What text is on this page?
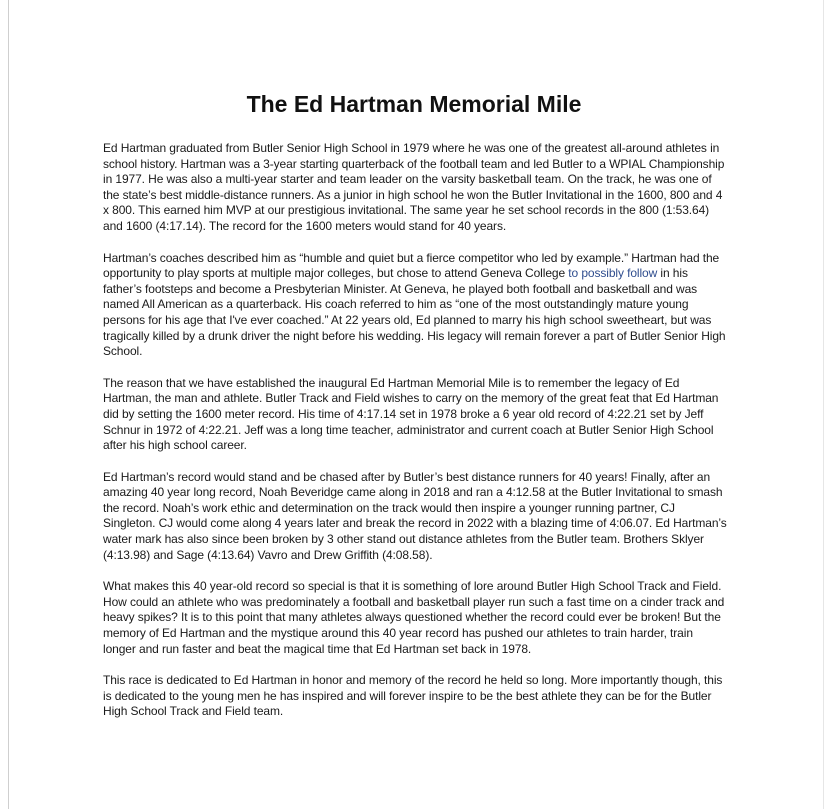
The Ed Hartman Memorial Mile

Ed Hartman graduated from Butler Senior High School in 1979 where he was one of the greatest all-around athletes in school history. Hartman was a 3-year starting quarterback of the football team and led Butler to a WPIAL Championship in 1977. He was also a multi-year starter and team leader on the varsity basketball team. On the track, he was one of the state’s best middle-distance runners. As a junior in high school he won the Butler Invitational in the 1600, 800 and 4 x 800. This earned him MVP at our prestigious invitational. The same year he set school records in the 800 (1:53.64) and 1600 (4:17.14). The record for the 1600 meters would stand for 40 years.

Hartman’s coaches described him as “humble and quiet but a fierce competitor who led by example.” Hartman had the opportunity to play sports at multiple major colleges, but chose to attend Geneva College to possibly follow in his father’s footsteps and become a Presbyterian Minister. At Geneva, he played both football and basketball and was named All American as a quarterback. His coach referred to him as “one of the most outstandingly mature young persons for his age that I've ever coached.” At 22 years old, Ed planned to marry his high school sweetheart, but was tragically killed by a drunk driver the night before his wedding. His legacy will remain forever a part of Butler Senior High School.

The reason that we have established the inaugural Ed Hartman Memorial Mile is to remember the legacy of Ed Hartman, the man and athlete. Butler Track and Field wishes to carry on the memory of the great feat that Ed Hartman did by setting the 1600 meter record. His time of 4:17.14 set in 1978 broke a 6 year old record of 4:22.21 set by Jeff Schnur in 1972 of 4:22.21. Jeff was a long time teacher, administrator and current coach at Butler Senior High School after his high school career.

Ed Hartman’s record would stand and be chased after by Butler’s best distance runners for 40 years! Finally, after an amazing 40 year long record, Noah Beveridge came along in 2018 and ran a 4:12.58 at the Butler Invitational to smash the record. Noah’s work ethic and determination on the track would then inspire a younger running partner, CJ Singleton. CJ would come along 4 years later and break the record in 2022 with a blazing time of 4:06.07. Ed Hartman’s water mark has also since been broken by 3 other stand out distance athletes from the Butler team. Brothers Sklyer (4:13.98) and Sage (4:13.64) Vavro and Drew Griffith (4:08.58).

What makes this 40 year-old record so special is that it is something of lore around Butler High School Track and Field. How could an athlete who was predominately a football and basketball player run such a fast time on a cinder track and heavy spikes? It is to this point that many athletes always questioned whether the record could ever be broken! But the memory of Ed Hartman and the mystique around this 40 year record has pushed our athletes to train harder, train longer and run faster and beat the magical time that Ed Hartman set back in 1978.

This race is dedicated to Ed Hartman in honor and memory of the record he held so long. More importantly though, this is dedicated to the young men he has inspired and will forever inspire to be the best athlete they can be for the Butler High School Track and Field team.
